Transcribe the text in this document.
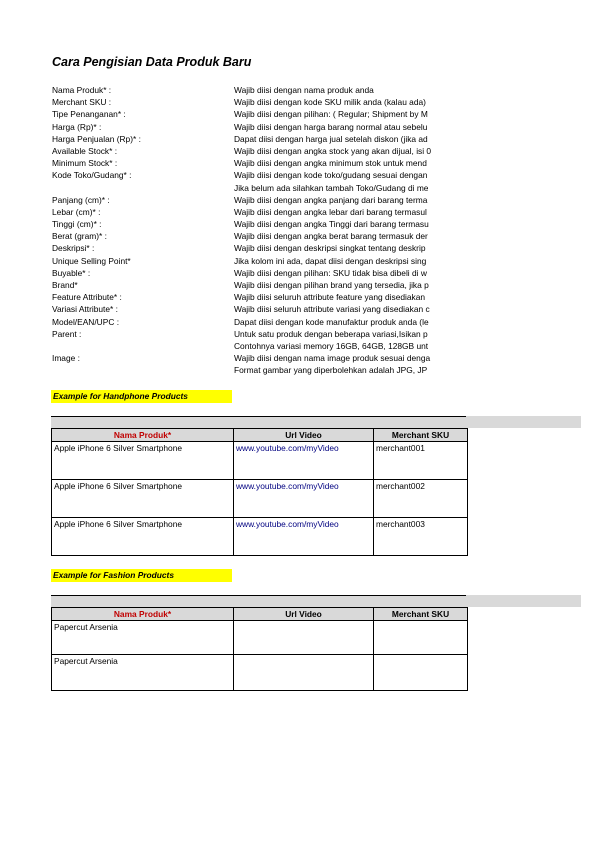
Cara Pengisian Data Produk Baru
Nama Produk* :	Wajib diisi dengan nama produk anda
Merchant SKU :	Wajib diisi dengan kode SKU milik anda (kalau ada)
Tipe Penanganan* :	Wajib diisi dengan pilihan: ( Regular; Shipment by M
Harga (Rp)* :	Wajib diisi dengan harga barang normal atau sebelu
Harga Penjualan (Rp)* :	Dapat diisi dengan harga jual setelah diskon (jika ad
Available Stock* :	Wajib diisi dengan angka stock yang akan dijual, isi 0
Minimum Stock* :	Wajib diisi dengan angka minimum stok untuk mend
Kode Toko/Gudang* :	Wajib diisi dengan kode toko/gudang sesuai dengan
Jika belum ada silahkan tambah Toko/Gudang di me
Panjang (cm)* :	Wajib diisi dengan angka panjang dari barang terma
Lebar (cm)* :	Wajib diisi dengan angka lebar dari barang termasul
Tinggi (cm)* :	Wajib diisi dengan angka Tinggi dari barang termasu
Berat (gram)* :	Wajib diisi dengan angka berat barang termasuk der
Deskripsi* :	Wajib diisi dengan deskripsi singkat tentang deskrip
Unique Selling Point*	Jika kolom ini ada, dapat diisi dengan deskripsi sing
Buyable* :	Wajib diisi dengan pilihan: SKU tidak bisa dibeli di w
Brand*	Wajib diisi dengan pilihan brand yang tersedia, jika p
Feature Attribute* :	Wajib diisi seluruh attribute feature yang disediakan
Variasi Attribute* :	Wajib diisi seluruh attribute variasi yang disediakan c
Model/EAN/UPC :	Dapat diisi dengan kode manufaktur produk anda (le
Parent :	Untuk satu produk dengan beberapa variasi,Isikan p
Contohnya variasi memory 16GB, 64GB, 128GB unt
Image :	Wajib diisi dengan nama image produk sesuai denga
Format gambar yang diperbolehkan adalah JPG, JP
Example for Handphone Products
Nama Produk*	Url Video	Merchant SKU
Apple iPhone 6 Silver Smartphone	www.youtube.com/myVideo	merchant001
Apple iPhone 6 Silver Smartphone	www.youtube.com/myVideo	merchant002
Apple iPhone 6 Silver Smartphone	www.youtube.com/myVideo	merchant003
Example for Fashion Products
Nama Produk*	Url Video	Merchant SKU
Papercut Arsenia		
Papercut Arsenia		
